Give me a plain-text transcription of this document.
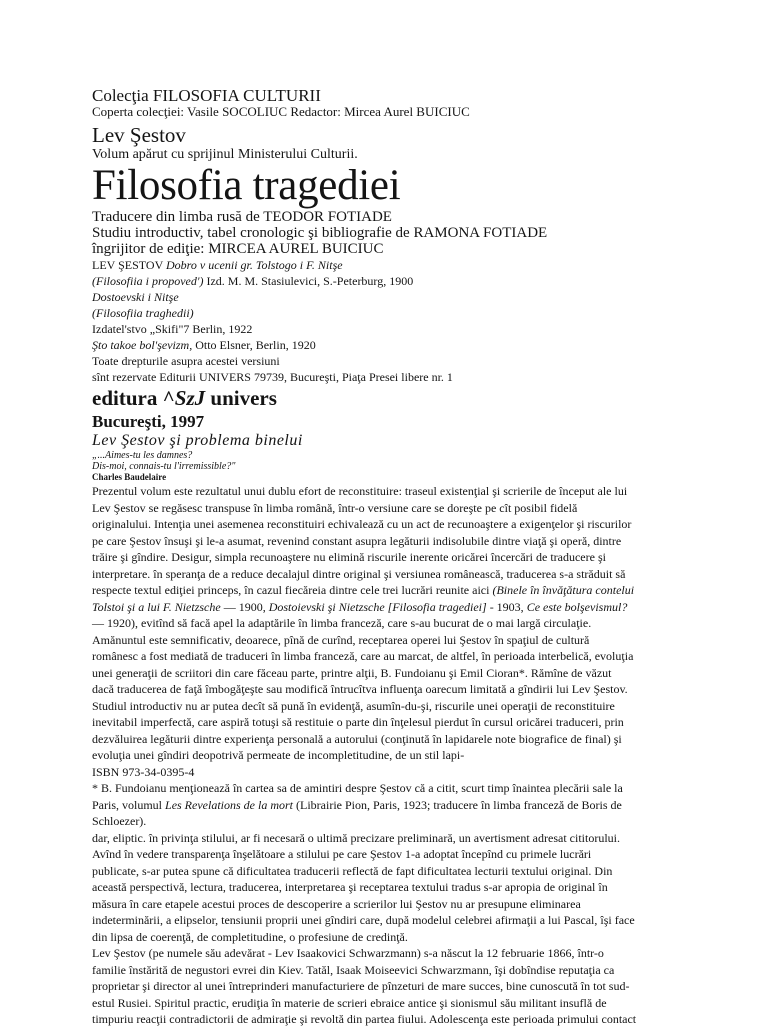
Colecţia FILOSOFIA CULTURII
Coperta colecţiei: Vasile SOCOLIUC Redactor: Mircea Aurel BUICIUC
Lev Şestov
Volum apărut cu sprijinul Ministerului Culturii.
Filosofia tragediei
Traducere din limba rusă de TEODOR FOTIADE
Studiu introductiv, tabel cronologic şi bibliografie de RAMONA FOTIADE
îngrijitor de ediţie: MIRCEA AUREL BUICIUC
LEV ŞESTOV Dobro v ucenii gr. Tolstogo i F. Nitşe
(Filosofiia i propoved') Izd. M. M. Stasiulevici, S.-Peterburg, 1900
Dostoevski i Nitşe
(Filosofiia traghedii)
Izdatel'stvo „Skifi"7 Berlin, 1922
Şto takoe bol'şevizm, Otto Elsner, Berlin, 1920
Toate drepturile asupra acestei versiuni
sînt rezervate Editurii UNIVERS 79739, Bucureşti, Piaţa Presei libere nr. 1
editura ^SzJ univers
Bucureşti, 1997
Lev Şestov şi problema binelui
„...Aimes-tu les damnes?
Dis-moi, connais-tu l'irremissible?"
Charles Baudelaire
Prezentul volum este rezultatul unui dublu efort de reconstituire: traseul existenţial şi scrierile de început ale lui
Lev Şestov se regăsesc transpuse în limba română, într-o versiune care se doreşte pe cît posibil fidelă
originalului. Intenţia unei asemenea reconstituiri echivalează cu un act de recunoaştere a exigenţelor şi riscurilor
pe care Şestov însuşi şi le-a asumat, revenind constant asupra legăturii indisolubile dintre viaţă şi operă, dintre
trăire şi gîndire. Desigur, simpla recunoaştere nu elimină riscurile inerente oricărei încercări de traducere şi
interpretare. în speranţa de a reduce decalajul dintre original şi versiunea românească, traducerea s-a străduit să
respecte textul ediţiei princeps, în cazul fiecăreia dintre cele trei lucrări reunite aici (Binele în învăţătura contelui
Tolstoi şi a lui F. Nietzsche — 1900, Dostoievski şi Nietzsche [Filosofia tragediei] - 1903, Ce este bolşevismul?
— 1920), evitînd să facă apel la adaptările în limba franceză, care s-au bucurat de o mai largă circulaţie.
Amănuntul este semnificativ, deoarece, pînă de curînd, receptarea operei lui Şestov în spaţiul de cultură
românesc a fost mediată de traduceri în limba franceză, care au marcat, de altfel, în perioada interbelică, evoluţia
unei generaţii de scriitori din care făceau parte, printre alţii, B. Fundoianu şi Emil Cioran*. Rămîne de văzut
dacă traducerea de faţă îmbogăţeşte sau modifică întrucîtva influenţa oarecum limitată a gîndirii lui Lev Şestov.
Studiul introductiv nu ar putea decît să pună în evidenţă, asumîn-du-şi, riscurile unei operaţii de reconstituire
inevitabil imperfectă, care aspiră totuşi să restituie o parte din înţelesul pierdut în cursul oricărei traduceri, prin
dezvăluirea legăturii dintre experienţa personală a autorului (conţinută în lapidarele note biografice de final) şi
evoluţia unei gîndiri deopotrivă permeate de incompletitudine, de un stil lapi-
ISBN 973-34-0395-4
* B. Fundoianu menţionează în cartea sa de amintiri despre Şestov că a citit, scurt timp înaintea plecării sale la
Paris, volumul Les Revelations de la mort (Librairie Pion, Paris, 1923; traducere în limba franceză de Boris de
Schloezer).
dar, eliptic. în privinţa stilului, ar fi necesară o ultimă precizare preliminară, un avertisment adresat cititorului.
Avînd în vedere transparenţa înşelătoare a stilului pe care Şestov 1-a adoptat începînd cu primele lucrări
publicate, s-ar putea spune că dificultatea traducerii reflectă de fapt dificultatea lecturii textului original. Din
această perspectivă, lectura, traducerea, interpretarea şi receptarea textului tradus s-ar apropia de original în
măsura în care etapele acestui proces de descoperire a scrierilor lui Şestov nu ar presupune eliminarea
indeterminării, a elipselor, tensiunii proprii unei gîndiri care, după modelul celebrei afirmaţii a lui Pascal, îşi face
din lipsa de coerenţă, de completitudine, o profesiune de credinţă.
Lev Şestov (pe numele său adevărat - Lev Isaakovici Schwarzmann) s-a născut la 12 februarie 1866, într-o
familie înstărită de negustori evrei din Kiev. Tatăl, Isaak Moiseevici Schwarzmann, îşi dobîndise reputaţia ca
proprietar şi director al unei întreprinderi manufacturiere de pînzeturi de mare succes, bine cunoscută în tot sud-
estul Rusiei. Spiritul practic, erudiţia în materie de scrieri ebraice antice şi sionismul său militant insuflă de
timpuriu reacţii contradictorii de admiraţie şi revoltă din partea fiului. Adolescenţa este perioada primului contact
